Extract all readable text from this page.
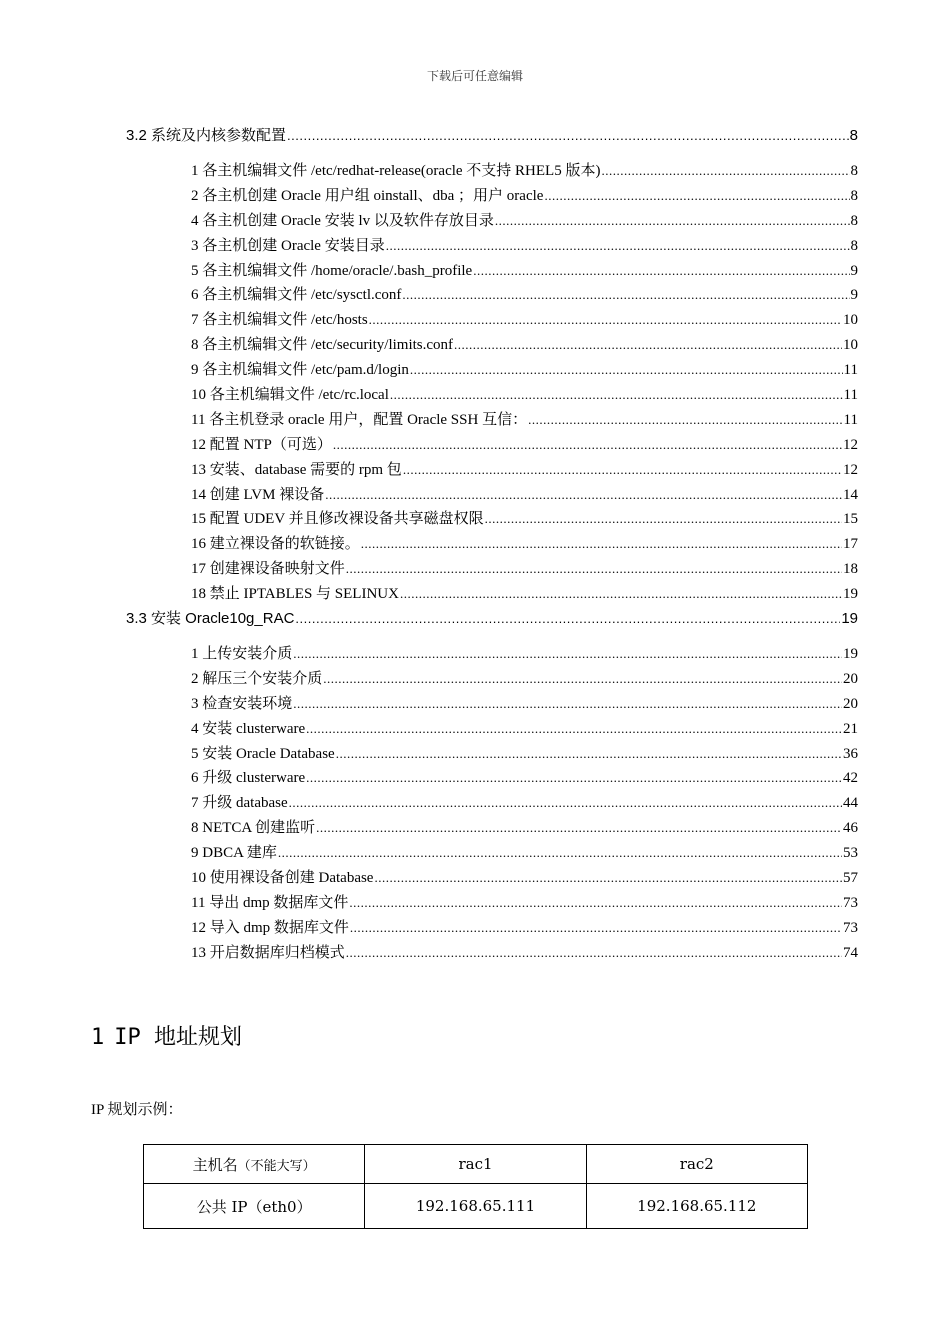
下载后可任意编辑
3.2 系统及内核参数配置 .....	8
1 各主机编辑文件 /etc/redhat-release(oracle 不支持 RHEL5 版本) .....	8
2 各主机创建 Oracle 用户组 oinstall、dba ；用户 oracle .....	8
4 各主机创建 Oracle 安装 lv 以及软件存放目录 .....	8
3 各主机创建 Oracle 安装目录 .....	8
5 各主机编辑文件 /home/oracle/.bash_profile .....	9
6 各主机编辑文件 /etc/sysctl.conf .....	9
7 各主机编辑文件 /etc/hosts .....	10
8 各主机编辑文件 /etc/security/limits.conf .....	10
9 各主机编辑文件 /etc/pam.d/login .....	11
10 各主机编辑文件 /etc/rc.local .....	11
11 各主机登录 oracle 用户，配置 Oracle SSH 互信： .....	11
12 配置 NTP（可选） .....	12
13 安装、database 需要的 rpm 包 .....	12
14 创建 LVM 裸设备 .....	14
15 配置 UDEV 并且修改裸设备共享磁盘权限 .....	15
16 建立裸设备的软链接。 .....	17
17 创建裸设备映射文件 .....	18
18 禁止 IPTABLES 与 SELINUX .....	19
3.3 安装 Oracle10g_RAC .....	19
1 上传安装介质 .....	19
2 解压三个安装介质 .....	20
3 检查安装环境 .....	20
4 安装 clusterware .....	21
5 安装 Oracle Database .....	36
6 升级 clusterware .....	42
7 升级 database .....	44
8 NETCA 创建监听 .....	46
9 DBCA 建库 .....	53
10 使用裸设备创建 Database .....	57
11 导出 dmp 数据库文件 .....	73
12 导入 dmp 数据库文件 .....	73
13 开启数据库归档模式 .....	74
1 IP 地址规划

IP 规划示例：

主机名（不能大写）	rac1	rac2
公共 IP（eth0）	192.168.65.111	192.168.65.112
